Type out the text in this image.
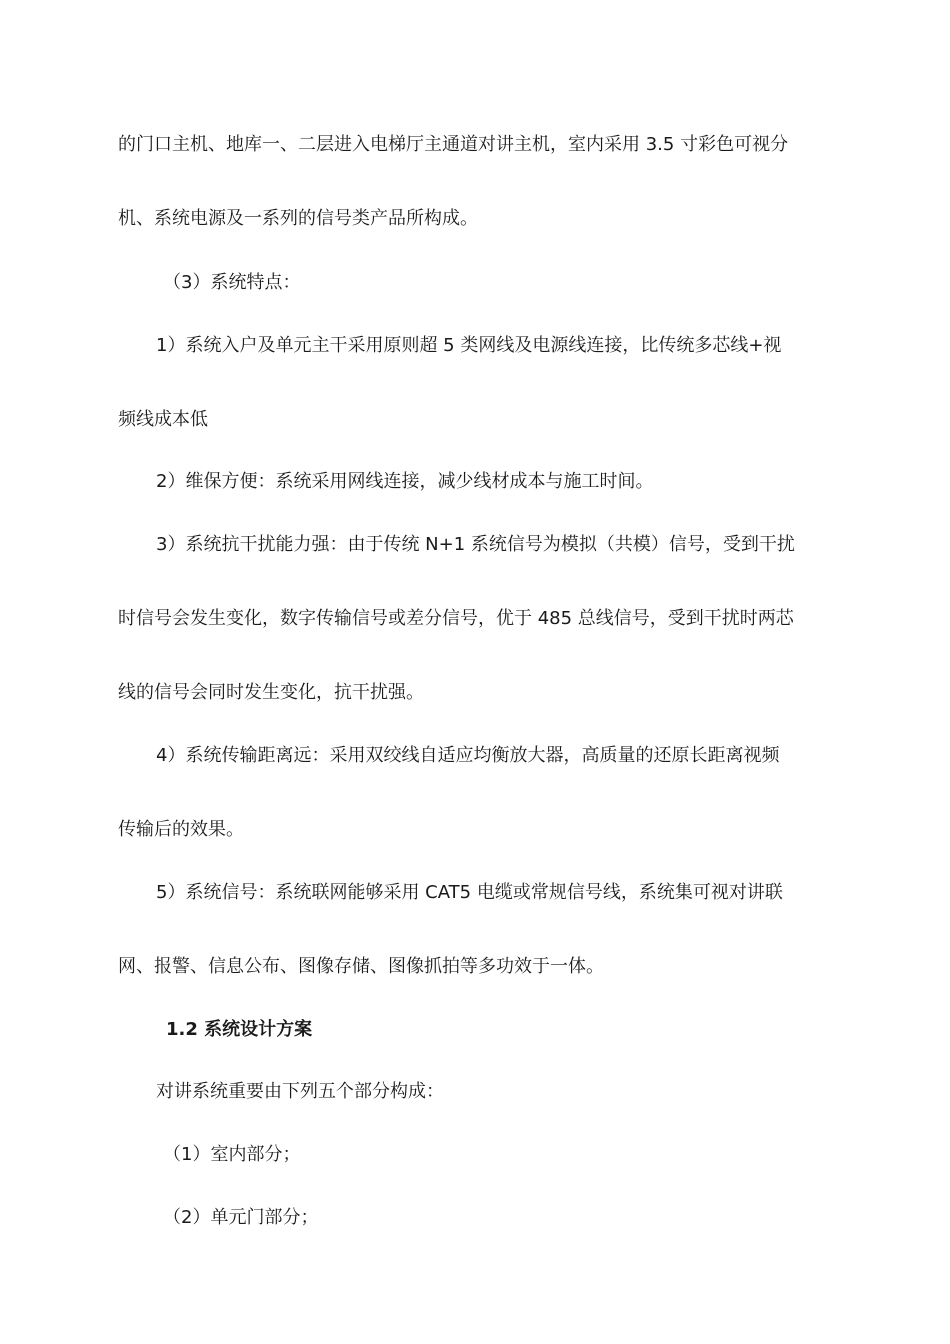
的门口主机、地库一、二层进入电梯厅主通道对讲主机，室内采用 3.5 寸彩色可视分
机、系统电源及一系列的信号类产品所构成。
（3）系统特点：
1）系统入户及单元主干采用原则超 5 类网线及电源线连接，比传统多芯线+视
频线成本低
2）维保方便：系统采用网线连接，减少线材成本与施工时间。
3）系统抗干扰能力强：由于传统 N+1 系统信号为模拟（共模）信号，受到干扰
时信号会发生变化，数字传输信号或差分信号，优于 485 总线信号，受到干扰时两芯
线的信号会同时发生变化，抗干扰强。
4）系统传输距离远：采用双绞线自适应均衡放大器，高质量的还原长距离视频
传输后的效果。
5）系统信号：系统联网能够采用 CAT5 电缆或常规信号线，系统集可视对讲联
网、报警、信息公布、图像存储、图像抓拍等多功效于一体。
1.2 系统设计方案
对讲系统重要由下列五个部分构成：
（1）室内部分；
（2）单元门部分；
